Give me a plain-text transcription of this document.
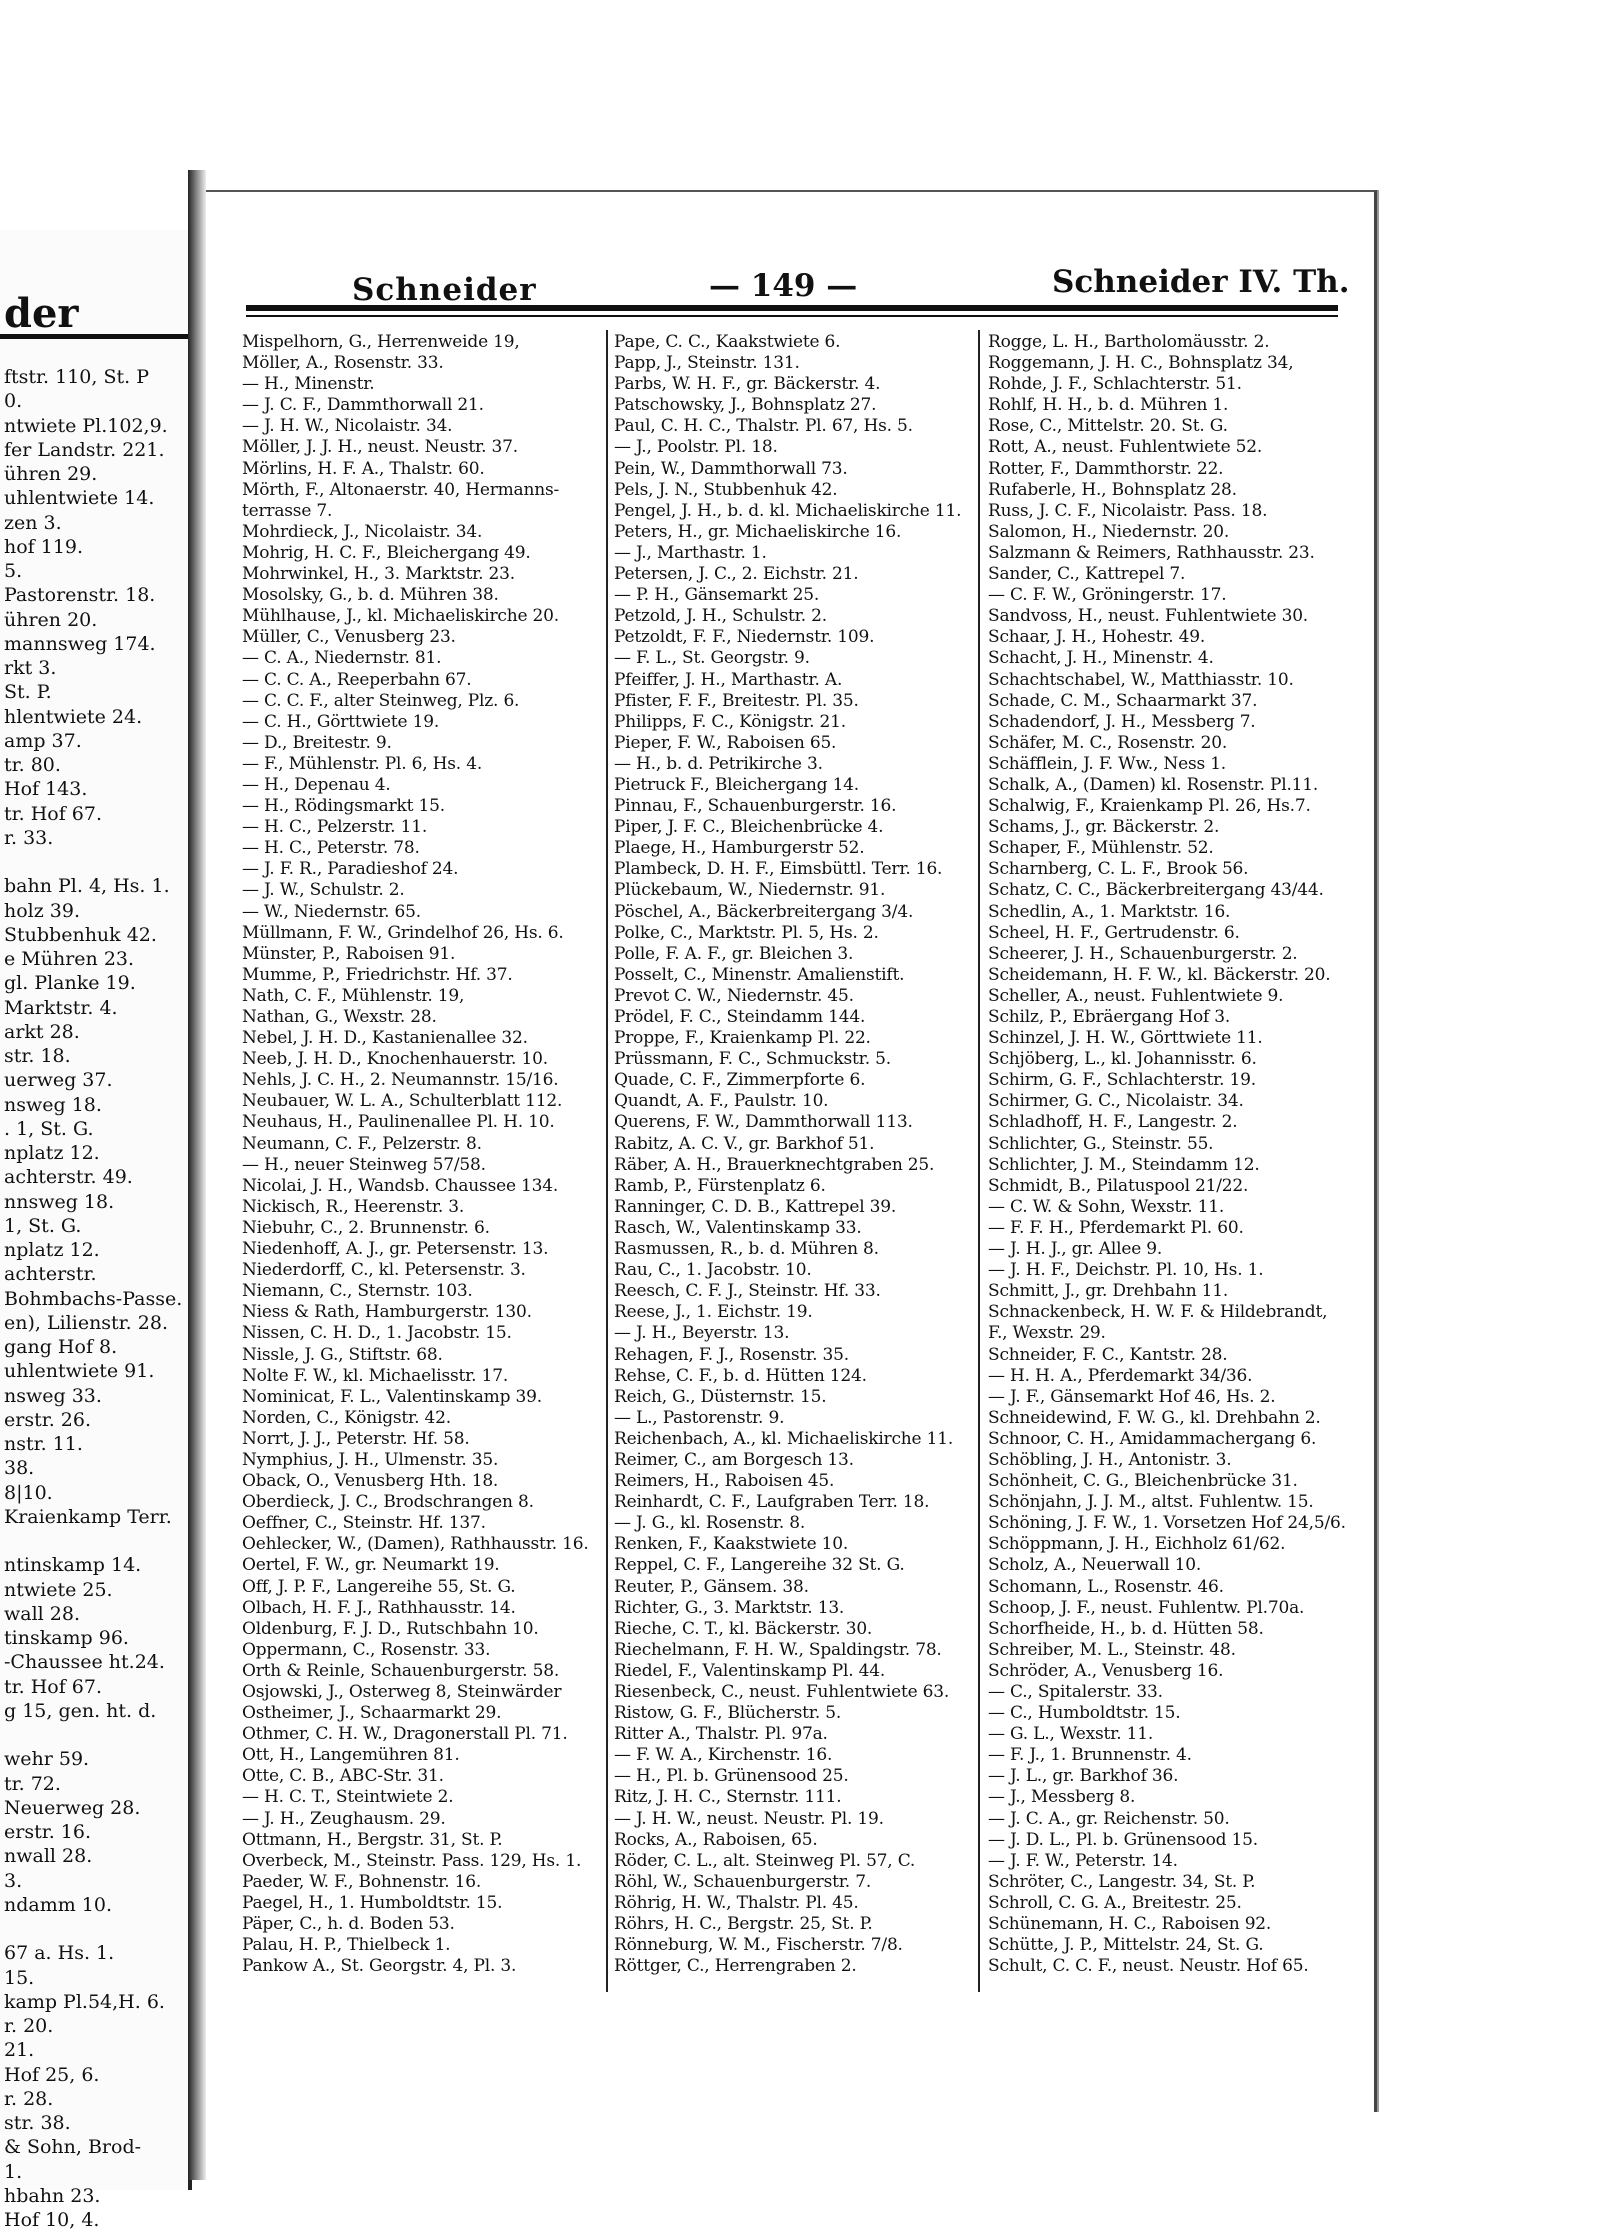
der
ftstr. 110, St. P
0.
ntwiete Pl.102,9.
fer Landstr. 221.
ühren 29.
uhlentwiete 14.
zen 3.
hof 119.
5.
Pastorenstr. 18.
ühren 20.
mannsweg 174.
rkt 3.
St. P.
hlentwiete 24.
amp 37.
tr. 80.
Hof 143.
tr. Hof 67.
r. 33.
bahn Pl. 4, Hs. 1.
holz 39.
Stubbenhuk 42.
e Mühren 23.
gl. Planke 19.
Marktstr. 4.
arkt 28.
str. 18.
uerweg 37.
nsweg 18.
. 1, St. G.
nplatz 12.
achterstr. 49.
nnsweg 18.
1, St. G.
nplatz 12.
achterstr.
Bohmbachs-Passe.
en), Lilienstr. 28.
gang Hof 8.
uhlentwiete 91.
nsweg 33.
erstr. 26.
nstr. 11.
38.
8|10.
Kraienkamp Terr.
ntinskamp 14.
ntwiete 25.
wall 28.
tinskamp 96.
-Chaussee ht.24.
tr. Hof 67.
g 15, gen. ht. d.
wehr 59.
tr. 72.
Neuerweg 28.
erstr. 16.
nwall 28.
3.
ndamm 10.
67 a. Hs. 1.
15.
kamp Pl.54,H. 6.
r. 20.
21.
Hof 25, 6.
r. 28.
str. 38.
& Sohn, Brod-
1.
hbahn 23.
Hof 10, 4.
Schneider	— 149 —	Schneider IV. Th.
Mispelhorn, G., Herrenweide 19,
Möller, A., Rosenstr. 33.
— H., Minenstr.
— J. C. F., Dammthorwall 21.
— J. H. W., Nicolaistr. 34.
Möller, J. J. H., neust. Neustr. 37.
Mörlins, H. F. A., Thalstr. 60.
Mörth, F., Altonaerstr. 40, Hermanns-
terrasse 7.
Mohrdieck, J., Nicolaistr. 34.
Mohrig, H. C. F., Bleichergang 49.
Mohrwinkel, H., 3. Marktstr. 23.
Mosolsky, G., b. d. Mühren 38.
Mühlhause, J., kl. Michaeliskirche 20.
Müller, C., Venusberg 23.
— C. A., Niedernstr. 81.
— C. C. A., Reeperbahn 67.
— C. C. F., alter Steinweg, Plz. 6.
— C. H., Görttwiete 19.
— D., Breitestr. 9.
— F., Mühlenstr. Pl. 6, Hs. 4.
— H., Depenau 4.
— H., Rödingsmarkt 15.
— H. C., Pelzerstr. 11.
— H. C., Peterstr. 78.
— J. F. R., Paradieshof 24.
— J. W., Schulstr. 2.
— W., Niedernstr. 65.
Müllmann, F. W., Grindelhof 26, Hs. 6.
Münster, P., Raboisen 91.
Mumme, P., Friedrichstr. Hf. 37.
Nath, C. F., Mühlenstr. 19,
Nathan, G., Wexstr. 28.
Nebel, J. H. D., Kastanienallee 32.
Neeb, J. H. D., Knochenhauerstr. 10.
Nehls, J. C. H., 2. Neumannstr. 15/16.
Neubauer, W. L. A., Schulterblatt 112.
Neuhaus, H., Paulinenallee Pl. H. 10.
Neumann, C. F., Pelzerstr. 8.
— H., neuer Steinweg 57/58.
Nicolai, J. H., Wandsb. Chaussee 134.
Nickisch, R., Heerenstr. 3.
Niebuhr, C., 2. Brunnenstr. 6.
Niedenhoff, A. J., gr. Petersenstr. 13.
Niederdorff, C., kl. Petersenstr. 3.
Niemann, C., Sternstr. 103.
Niess & Rath, Hamburgerstr. 130.
Nissen, C. H. D., 1. Jacobstr. 15.
Nissle, J. G., Stiftstr. 68.
Nolte F. W., kl. Michaelisstr. 17.
Nominicat, F. L., Valentinskamp 39.
Norden, C., Königstr. 42.
Norrt, J. J., Peterstr. Hf. 58.
Nymphius, J. H., Ulmenstr. 35.
Oback, O., Venusberg Hth. 18.
Oberdieck, J. C., Brodschrangen 8.
Oeffner, C., Steinstr. Hf. 137.
Oehlecker, W., (Damen), Rathhausstr. 16.
Oertel, F. W., gr. Neumarkt 19.
Off, J. P. F., Langereihe 55, St. G.
Olbach, H. F. J., Rathhausstr. 14.
Oldenburg, F. J. D., Rutschbahn 10.
Oppermann, C., Rosenstr. 33.
Orth & Reinle, Schauenburgerstr. 58.
Osjowski, J., Osterweg 8, Steinwärder
Ostheimer, J., Schaarmarkt 29.
Othmer, C. H. W., Dragonerstall Pl. 71.
Ott, H., Langemühren 81.
Otte, C. B., ABC-Str. 31.
— H. C. T., Steintwiete 2.
— J. H., Zeughausm. 29.
Ottmann, H., Bergstr. 31, St. P.
Overbeck, M., Steinstr. Pass. 129, Hs. 1.
Paeder, W. F., Bohnenstr. 16.
Paegel, H., 1. Humboldtstr. 15.
Päper, C., h. d. Boden 53.
Palau, H. P., Thielbeck 1.
Pankow A., St. Georgstr. 4, Pl. 3.
Pape, C. C., Kaakstwiete 6.
Papp, J., Steinstr. 131.
Parbs, W. H. F., gr. Bäckerstr. 4.
Patschowsky, J., Bohnsplatz 27.
Paul, C. H. C., Thalstr. Pl. 67, Hs. 5.
— J., Poolstr. Pl. 18.
Pein, W., Dammthorwall 73.
Pels, J. N., Stubbenhuk 42.
Pengel, J. H., b. d. kl. Michaeliskirche 11.
Peters, H., gr. Michaeliskirche 16.
— J., Marthastr. 1.
Petersen, J. C., 2. Eichstr. 21.
— P. H., Gänsemarkt 25.
Petzold, J. H., Schulstr. 2.
Petzoldt, F. F., Niedernstr. 109.
— F. L., St. Georgstr. 9.
Pfeiffer, J. H., Marthastr. A.
Pfister, F. F., Breitestr. Pl. 35.
Philipps, F. C., Königstr. 21.
Pieper, F. W., Raboisen 65.
— H., b. d. Petrikirche 3.
Pietruck F., Bleichergang 14.
Pinnau, F., Schauenburgerstr. 16.
Piper, J. F. C., Bleichenbrücke 4.
Plaege, H., Hamburgerstr 52.
Plambeck, D. H. F., Eimsbüttl. Terr. 16.
Plückebaum, W., Niedernstr. 91.
Pöschel, A., Bäckerbreitergang 3/4.
Polke, C., Marktstr. Pl. 5, Hs. 2.
Polle, F. A. F., gr. Bleichen 3.
Posselt, C., Minenstr. Amalienstift.
Prevot C. W., Niedernstr. 45.
Prödel, F. C., Steindamm 144.
Proppe, F., Kraienkamp Pl. 22.
Prüssmann, F. C., Schmuckstr. 5.
Quade, C. F., Zimmerpforte 6.
Quandt, A. F., Paulstr. 10.
Querens, F. W., Dammthorwall 113.
Rabitz, A. C. V., gr. Barkhof 51.
Räber, A. H., Brauerknechtgraben 25.
Ramb, P., Fürstenplatz 6.
Ranninger, C. D. B., Kattrepel 39.
Rasch, W., Valentinskamp 33.
Rasmussen, R., b. d. Mühren 8.
Rau, C., 1. Jacobstr. 10.
Reesch, C. F. J., Steinstr. Hf. 33.
Reese, J., 1. Eichstr. 19.
— J. H., Beyerstr. 13.
Rehagen, F. J., Rosenstr. 35.
Rehse, C. F., b. d. Hütten 124.
Reich, G., Düsternstr. 15.
— L., Pastorenstr. 9.
Reichenbach, A., kl. Michaeliskirche 11.
Reimer, C., am Borgesch 13.
Reimers, H., Raboisen 45.
Reinhardt, C. F., Laufgraben Terr. 18.
— J. G., kl. Rosenstr. 8.
Renken, F., Kaakstwiete 10.
Reppel, C. F., Langereihe 32 St. G.
Reuter, P., Gänsem. 38.
Richter, G., 3. Marktstr. 13.
Rieche, C. T., kl. Bäckerstr. 30.
Riechelmann, F. H. W., Spaldingstr. 78.
Riedel, F., Valentinskamp Pl. 44.
Riesenbeck, C., neust. Fuhlentwiete 63.
Ristow, G. F., Blücherstr. 5.
Ritter A., Thalstr. Pl. 97a.
— F. W. A., Kirchenstr. 16.
— H., Pl. b. Grünensood 25.
Ritz, J. H. C., Sternstr. 111.
— J. H. W., neust. Neustr. Pl. 19.
Rocks, A., Raboisen, 65.
Röder, C. L., alt. Steinweg Pl. 57, C.
Röhl, W., Schauenburgerstr. 7.
Röhrig, H. W., Thalstr. Pl. 45.
Röhrs, H. C., Bergstr. 25, St. P.
Rönneburg, W. M., Fischerstr. 7/8.
Röttger, C., Herrengraben 2.
Rogge, L. H., Bartholomäusstr. 2.
Roggemann, J. H. C., Bohnsplatz 34,
Rohde, J. F., Schlachterstr. 51.
Rohlf, H. H., b. d. Mühren 1.
Rose, C., Mittelstr. 20. St. G.
Rott, A., neust. Fuhlentwiete 52.
Rotter, F., Dammthorstr. 22.
Rufaberle, H., Bohnsplatz 28.
Russ, J. C. F., Nicolaistr. Pass. 18.
Salomon, H., Niedernstr. 20.
Salzmann & Reimers, Rathhausstr. 23.
Sander, C., Kattrepel 7.
— C. F. W., Gröningerstr. 17.
Sandvoss, H., neust. Fuhlentwiete 30.
Schaar, J. H., Hohestr. 49.
Schacht, J. H., Minenstr. 4.
Schachtschabel, W., Matthiasstr. 10.
Schade, C. M., Schaarmarkt 37.
Schadendorf, J. H., Messberg 7.
Schäfer, M. C., Rosenstr. 20.
Schäfflein, J. F. Ww., Ness 1.
Schalk, A., (Damen) kl. Rosenstr. Pl.11.
Schalwig, F., Kraienkamp Pl. 26, Hs.7.
Schams, J., gr. Bäckerstr. 2.
Schaper, F., Mühlenstr. 52.
Scharnberg, C. L. F., Brook 56.
Schatz, C. C., Bäckerbreitergang 43/44.
Schedlin, A., 1. Marktstr. 16.
Scheel, H. F., Gertrudenstr. 6.
Scheerer, J. H., Schauenburgerstr. 2.
Scheidemann, H. F. W., kl. Bäckerstr. 20.
Scheller, A., neust. Fuhlentwiete 9.
Schilz, P., Ebräergang Hof 3.
Schinzel, J. H. W., Görttwiete 11.
Schjöberg, L., kl. Johannisstr. 6.
Schirm, G. F., Schlachterstr. 19.
Schirmer, G. C., Nicolaistr. 34.
Schladhoff, H. F., Langestr. 2.
Schlichter, G., Steinstr. 55.
Schlichter, J. M., Steindamm 12.
Schmidt, B., Pilatuspool 21/22.
— C. W. & Sohn, Wexstr. 11.
— F. F. H., Pferdemarkt Pl. 60.
— J. H. J., gr. Allee 9.
— J. H. F., Deichstr. Pl. 10, Hs. 1.
Schmitt, J., gr. Drehbahn 11.
Schnackenbeck, H. W. F. & Hildebrandt,
F., Wexstr. 29.
Schneider, F. C., Kantstr. 28.
— H. H. A., Pferdemarkt 34/36.
— J. F., Gänsemarkt Hof 46, Hs. 2.
Schneidewind, F. W. G., kl. Drehbahn 2.
Schnoor, C. H., Amidammachergang 6.
Schöbling, J. H., Antonistr. 3.
Schönheit, C. G., Bleichenbrücke 31.
Schönjahn, J. J. M., altst. Fuhlentw. 15.
Schöning, J. F. W., 1. Vorsetzen Hof 24,5/6.
Schöppmann, J. H., Eichholz 61/62.
Scholz, A., Neuerwall 10.
Schomann, L., Rosenstr. 46.
Schoop, J. F., neust. Fuhlentw. Pl.70a.
Schorfheide, H., b. d. Hütten 58.
Schreiber, M. L., Steinstr. 48.
Schröder, A., Venusberg 16.
— C., Spitalerstr. 33.
— C., Humboldtstr. 15.
— G. L., Wexstr. 11.
— F. J., 1. Brunnenstr. 4.
— J. L., gr. Barkhof 36.
— J., Messberg 8.
— J. C. A., gr. Reichenstr. 50.
— J. D. L., Pl. b. Grünensood 15.
— J. F. W., Peterstr. 14.
Schröter, C., Langestr. 34, St. P.
Schroll, C. G. A., Breitestr. 25.
Schünemann, H. C., Raboisen 92.
Schütte, J. P., Mittelstr. 24, St. G.
Schult, C. C. F., neust. Neustr. Hof 65.
